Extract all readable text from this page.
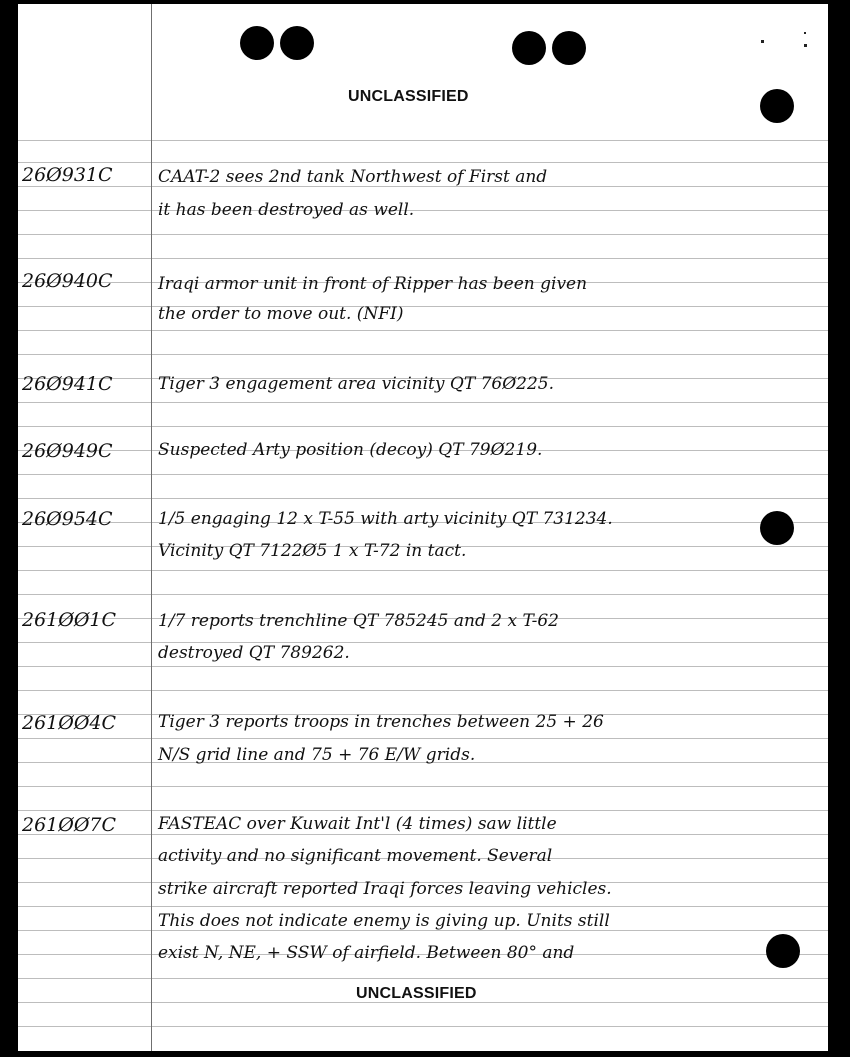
UNCLASSIFIED
26Ø931C	CAAT-2 sees 2nd tank Northwest of First and
it has been destroyed as well.
26Ø940C	Iraqi armor unit in front of Ripper has been given
the order to move out. (NFI)
26Ø941C	Tiger 3 engagement area vicinity QT 76Ø225.
26Ø949C	Suspected Arty position (decoy) QT 79Ø219.
26Ø954C	1/5 engaging 12 x T-55 with arty vicinity QT 731234.
Vicinity QT 7122Ø5 1 x T-72 in tact.
261ØØ1C 1/7 reports trenchline QT 785245 and 2 x T-62
destroyed QT 789262.
261ØØ4C Tiger 3 reports troops in trenches between 25 + 26
N/S grid line and 75 + 76 E/W grids.
261ØØ7C FASTEAC over Kuwait Int'l (4 times) saw little
activity and no significant movement. Several
strike aircraft reported Iraqi forces leaving vehicles.
This does not indicate enemy is giving up. Units still
exist N, NE, + SSW of airfield. Between 80° and
UNCLASSIFIED
